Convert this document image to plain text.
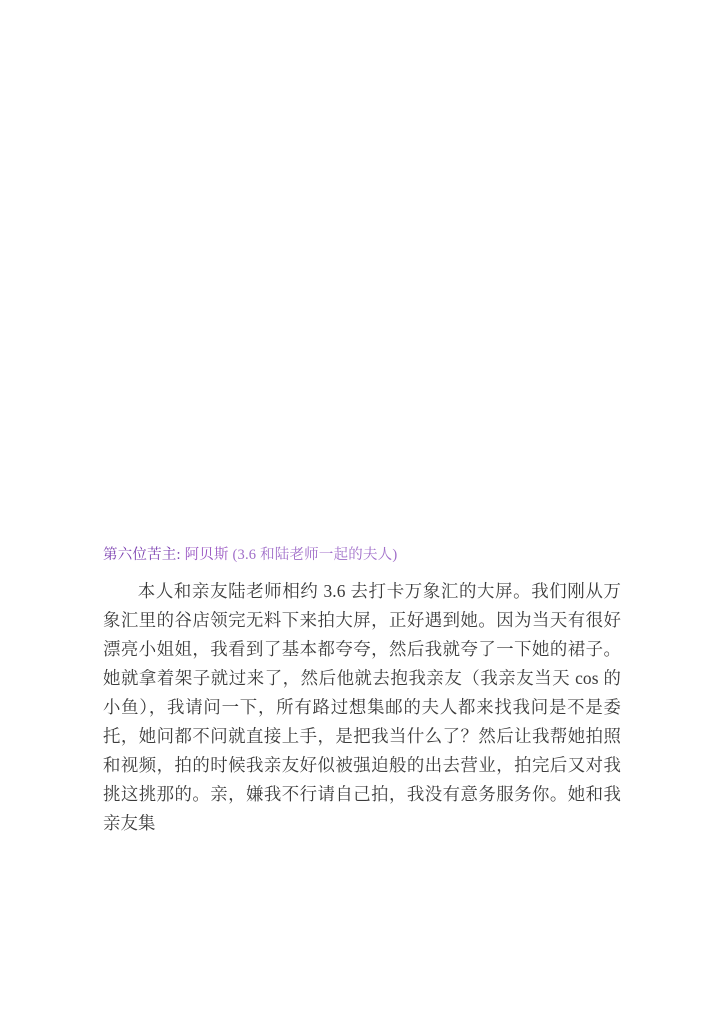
第六位苦主: 阿贝斯 (3.6 和陆老师一起的夫人)

本人和亲友陆老师相约 3.6 去打卡万象汇的大屏。我们刚从万象汇里的谷店领完无料下来拍大屏，正好遇到她。因为当天有很好漂亮小姐姐，我看到了基本都夸夸，然后我就夸了一下她的裙子。她就拿着架子就过来了，然后他就去抱我亲友（我亲友当天 cos 的小鱼），我请问一下，所有路过想集邮的夫人都来找我问是不是委托，她问都不问就直接上手，是把我当什么了？然后让我帮她拍照和视频，拍的时候我亲友好似被强迫般的出去营业，拍完后又对我挑这挑那的。亲，嫌我不行请自己拍，我没有意务服务你。她和我亲友集
